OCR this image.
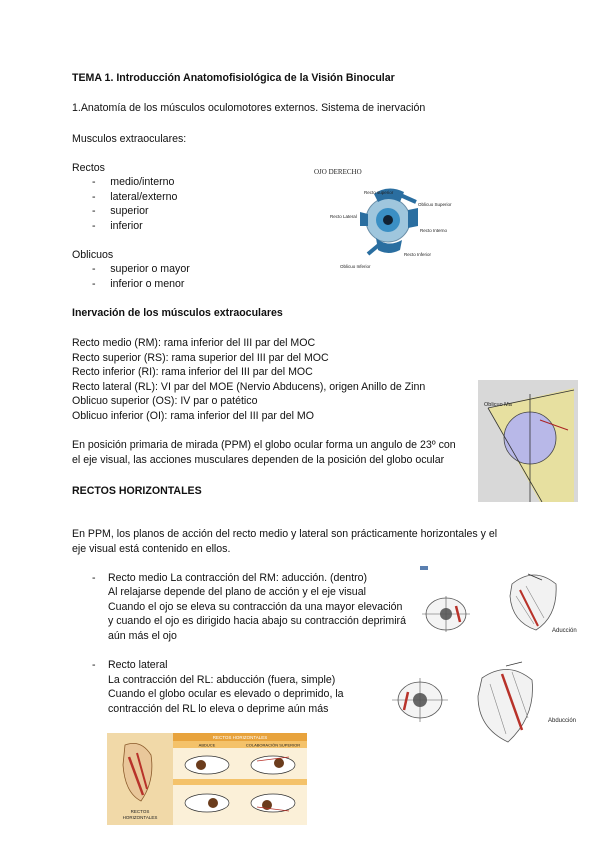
TEMA 1. Introducción Anatomofisiológica de la Visión Binocular
1.Anatomía de los músculos oculomotores externos. Sistema de inervación
Musculos extraoculares:
Rectos
-     medio/interno
-     lateral/externo
-     superior
-     inferior
Oblicuos
-     superior o mayor
-     inferior o menor
OJO DERECHO
Recto superior
Oblicuo Superior
Recto Lateral
Recto Interno
Recto Inferior
Oblicuo Inferior
Inervación de los músculos extraoculares
Recto medio (RM): rama inferior del III par del MOC
Recto superior (RS): rama superior del III par del MOC
Recto inferior (RI): rama inferior del III par del MOC
Recto lateral (RL): VI par del MOE (Nervio Abducens), origen Anillo de Zinn
Oblicuo superior (OS): IV par o patético
Oblicuo inferior (OI): rama inferior del III par del MO
Oblicuo Ma
En posición primaria de mirada (PPM) el globo ocular forma un angulo de 23º con
el eje visual, las acciones musculares dependen de la posición del globo ocular
RECTOS HORIZONTALES
En PPM, los planos de acción del recto medio y lateral son prácticamente horizontales y el
eje visual está contenido en ellos.
- Recto medio La contracción del RM: aducción. (dentro)
Al relajarse depende del plano de acción y el eje visual
Cuando el ojo se eleva su contracción da una mayor elevación
y cuando el ojo es dirigido hacia abajo su contracción deprimirá
aún más el ojo	Aducción
- Recto lateral
La contracción del RL: abducción (fuera, simple)
Cuando el globo ocular es elevado o deprimido, la
contracción del RL lo eleva o deprime aún más
Abducción
RECTOS
HORIZONTALES
RECTOS HORIZONTALES
ABDUCE	COLABORACIÓN SUPERIOR
